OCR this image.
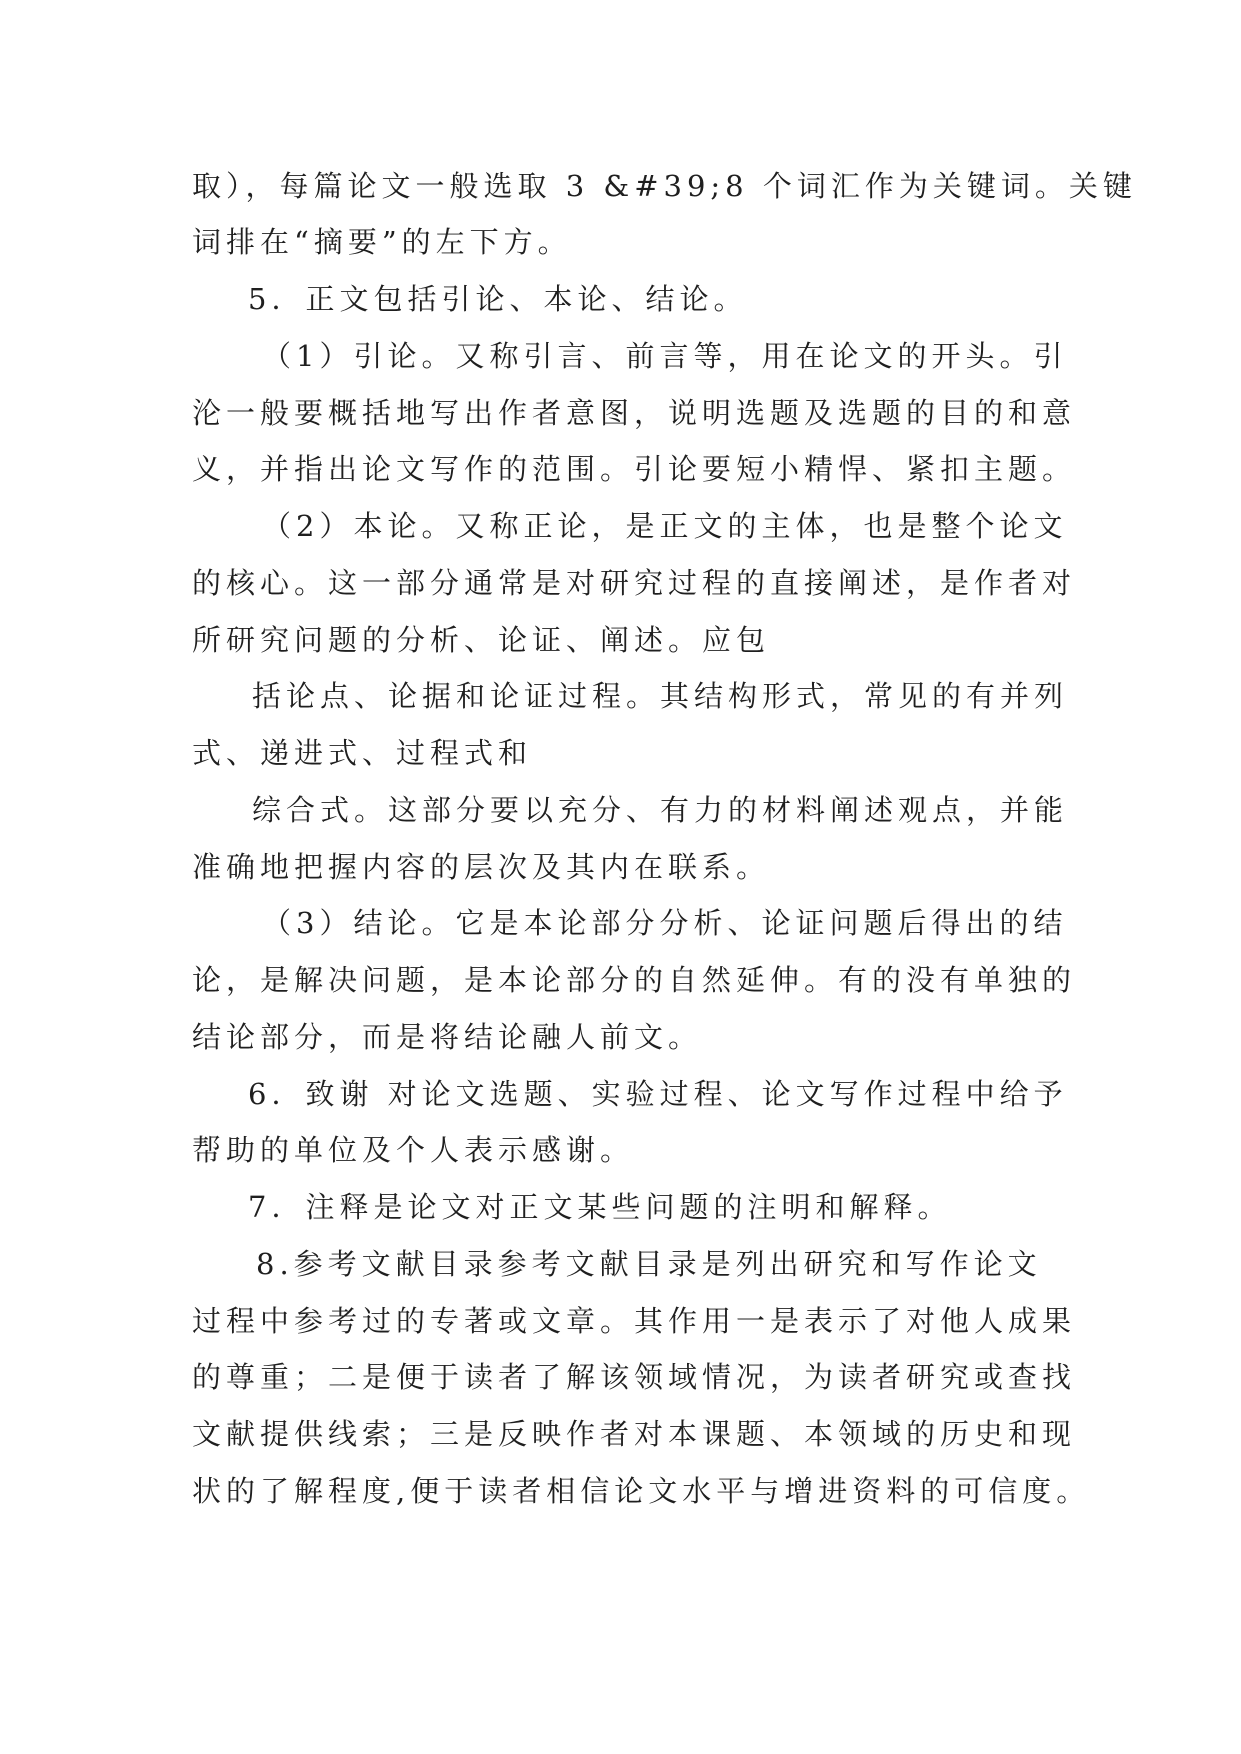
取），每篇论文一般选取 3 &#39;8 个词汇作为关键词。关键
词排在“摘要”的左下方。
5．正文包括引论、本论、结论。
（1）引论。又称引言、前言等，用在论文的开头。引
沦一般要概括地写出作者意图，说明选题及选题的目的和意
义，并指出论文写作的范围。引论要短小精悍、紧扣主题。
（2）本论。又称正论，是正文的主体，也是整个论文
的核心。这一部分通常是对研究过程的直接阐述，是作者对
所研究问题的分析、论证、阐述。应包
括论点、论据和论证过程。其结构形式，常见的有并列
式、递进式、过程式和
综合式。这部分要以充分、有力的材料阐述观点，并能
准确地把握内容的层次及其内在联系。
（3）结论。它是本论部分分析、论证问题后得出的结
论，是解决问题，是本论部分的自然延伸。有的没有单独的
结论部分，而是将结论融人前文。
6．致谢 对论文选题、实验过程、论文写作过程中给予
帮助的单位及个人表示感谢。
7．注释是论文对正文某些问题的注明和解释。
8.参考文献目录参考文献目录是列出研究和写作论文
过程中参考过的专著或文章。其作用一是表示了对他人成果
的尊重；二是便于读者了解该领域情况，为读者研究或查找
文献提供线索；三是反映作者对本课题、本领域的历史和现
状的了解程度,便于读者相信论文水平与增进资料的可信度。
